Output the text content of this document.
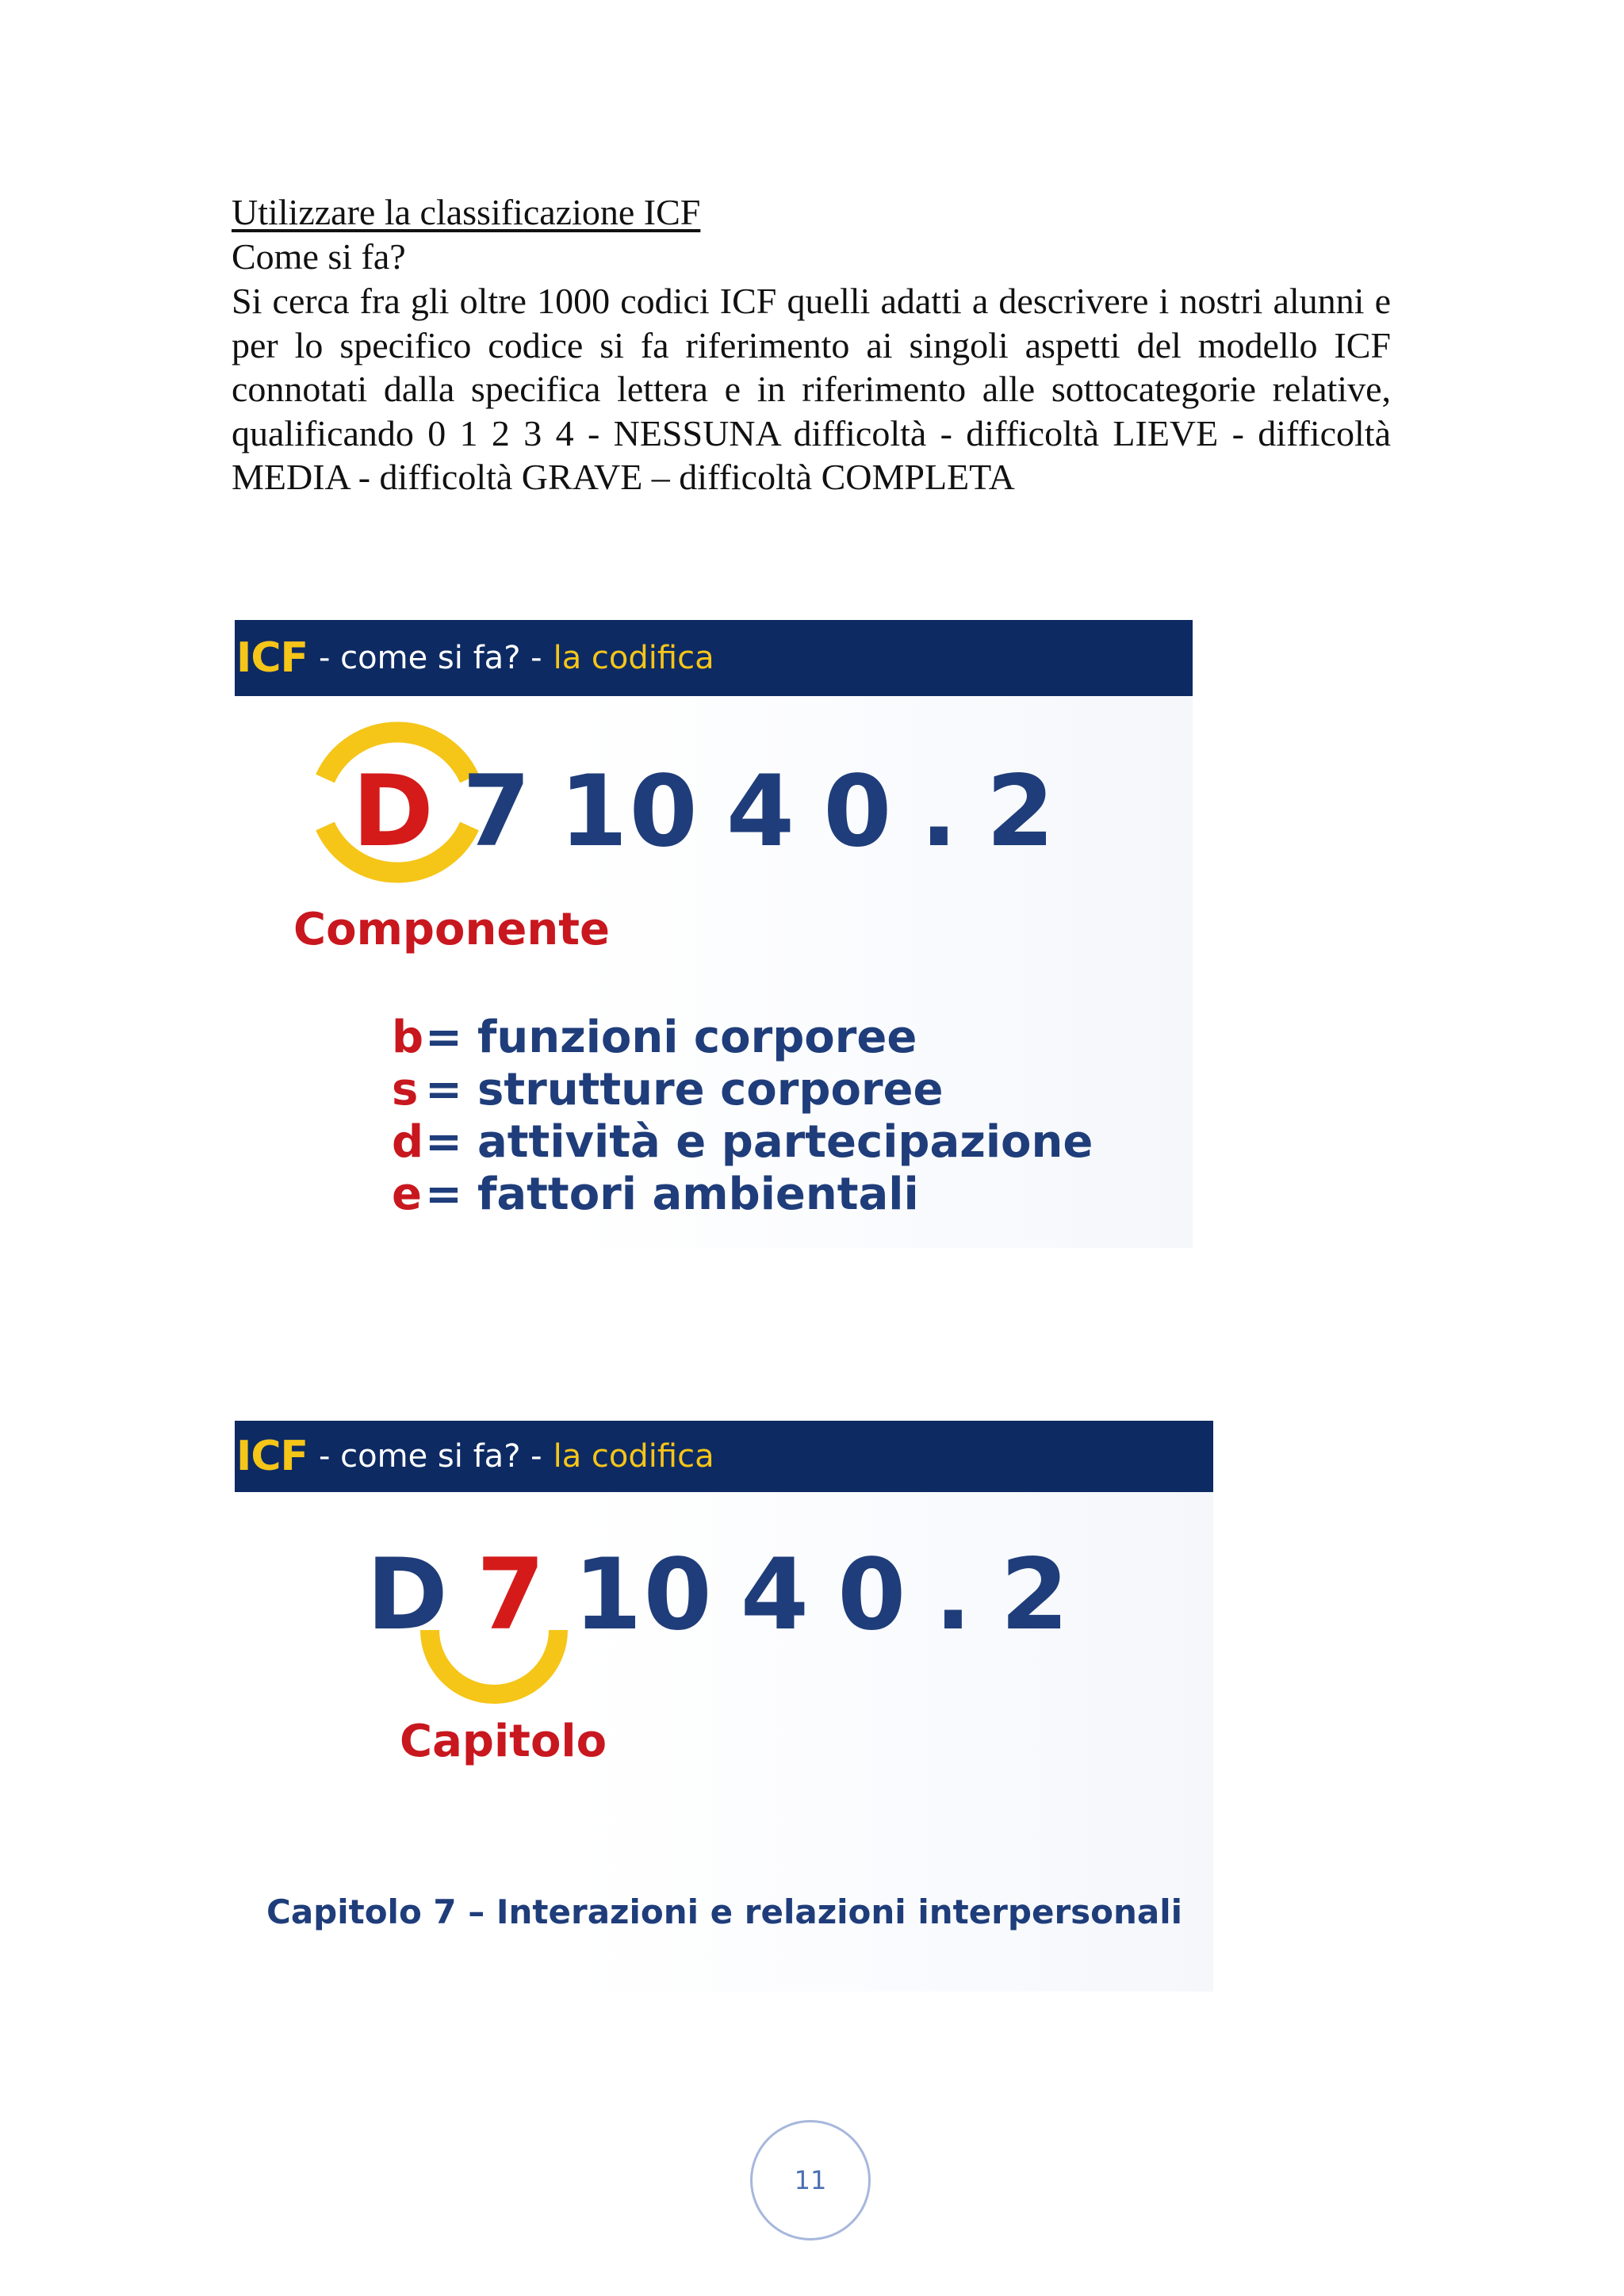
Utilizzare la classificazione ICF
Come si fa?
Si cerca fra gli oltre 1000 codici ICF quelli adatti a descrivere i nostri alunni e per lo specifico codice si fa riferimento ai singoli aspetti del modello ICF connotati dalla specifica lettera e in riferimento alle sottocategorie relative, qualificando 0 1 2 3 4 - NESSUNA difficoltà - difficoltà LIEVE - difficoltà MEDIA - difficoltà GRAVE – difficoltà COMPLETA
ICF - come si fa? - la codifica
D 7 10 4 0 . 2
Componente
b= funzioni corporee
s = strutture corporee
d= attività e partecipazione
e= fattori ambientali
ICF - come si fa? - la codifica
D 7 10 4 0 . 2
Capitolo
Capitolo 7 – Interazioni e relazioni interpersonali
11
